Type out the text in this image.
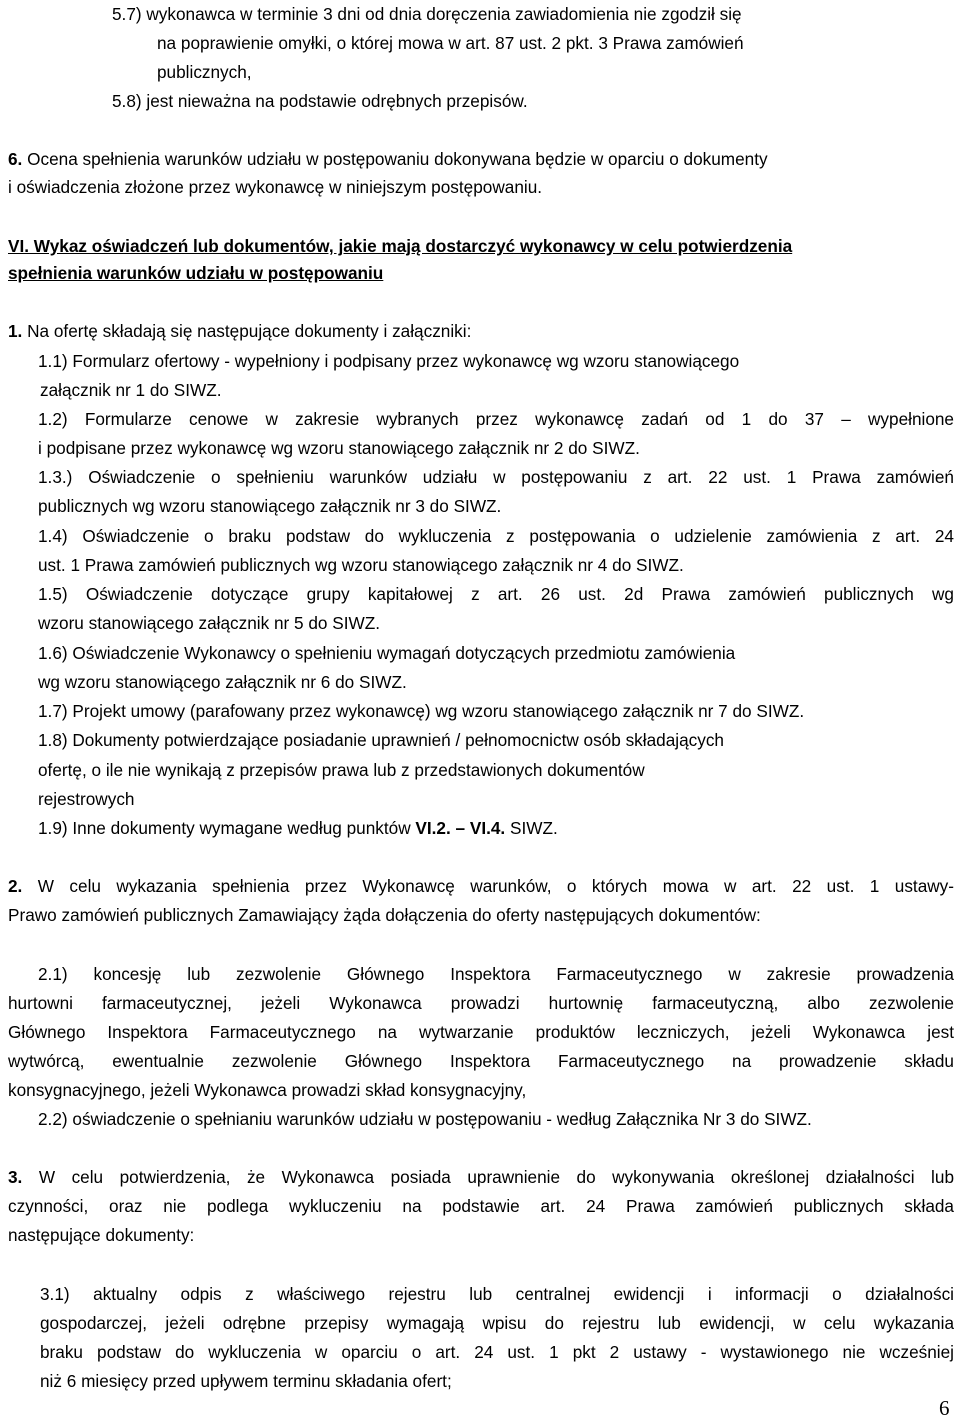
5.7) wykonawca w terminie 3 dni od dnia doręczenia zawiadomienia nie zgodził się
na poprawienie omyłki, o której mowa w art. 87 ust. 2 pkt. 3 Prawa zamówień
publicznych,
5.8) jest nieważna na podstawie odrębnych przepisów.
6. Ocena spełnienia warunków udziału w postępowaniu dokonywana będzie w oparciu o dokumenty
i oświadczenia złożone przez wykonawcę w niniejszym postępowaniu.
VI. Wykaz oświadczeń lub dokumentów, jakie mają dostarczyć wykonawcy w celu potwierdzenia
spełnienia warunków udziału w postępowaniu
1. Na ofertę składają się następujące dokumenty i załączniki:
1.1) Formularz ofertowy - wypełniony i podpisany przez wykonawcę wg wzoru stanowiącego
załącznik nr 1 do SIWZ.
1.2) Formularze cenowe w zakresie wybranych przez wykonawcę zadań od 1 do 37 – wypełnione
i podpisane przez wykonawcę wg wzoru stanowiącego załącznik nr 2 do SIWZ.
1.3.) Oświadczenie o spełnieniu warunków udziału w postępowaniu z art. 22 ust. 1 Prawa zamówień
publicznych wg wzoru stanowiącego załącznik nr 3 do SIWZ.
1.4) Oświadczenie o braku podstaw do wykluczenia z postępowania o udzielenie zamówienia z art. 24
ust. 1 Prawa zamówień publicznych wg wzoru stanowiącego załącznik nr 4 do SIWZ.
1.5) Oświadczenie dotyczące grupy kapitałowej z art. 26 ust. 2d Prawa zamówień publicznych wg
wzoru stanowiącego załącznik nr 5 do SIWZ.
1.6) Oświadczenie Wykonawcy o spełnieniu wymagań dotyczących przedmiotu zamówienia
wg wzoru stanowiącego załącznik nr 6 do SIWZ.
1.7) Projekt umowy (parafowany przez wykonawcę) wg wzoru stanowiącego załącznik nr 7 do SIWZ.
1.8) Dokumenty potwierdzające posiadanie uprawnień / pełnomocnictw osób składających
ofertę, o ile nie wynikają z przepisów prawa lub z przedstawionych dokumentów
rejestrowych
1.9) Inne dokumenty wymagane według punktów VI.2. – VI.4. SIWZ.
2. W celu wykazania spełnienia przez Wykonawcę warunków, o których mowa w art. 22 ust. 1 ustawy-
Prawo zamówień publicznych Zamawiający żąda dołączenia do oferty następujących dokumentów:
2.1) koncesję lub zezwolenie Głównego Inspektora Farmaceutycznego w zakresie prowadzenia
hurtowni farmaceutycznej, jeżeli Wykonawca prowadzi hurtownię farmaceutyczną, albo zezwolenie
Głównego Inspektora Farmaceutycznego na wytwarzanie produktów leczniczych, jeżeli Wykonawca jest
wytwórcą, ewentualnie zezwolenie Głównego Inspektora Farmaceutycznego na prowadzenie składu
konsygnacyjnego, jeżeli Wykonawca prowadzi skład konsygnacyjny,
2.2) oświadczenie o spełnianiu warunków udziału w postępowaniu - według Załącznika Nr 3 do SIWZ.
3. W celu potwierdzenia, że Wykonawca posiada uprawnienie do wykonywania określonej działalności lub
czynności, oraz nie podlega wykluczeniu na podstawie art. 24 Prawa zamówień publicznych składa
następujące dokumenty:
3.1) aktualny odpis z właściwego rejestru lub centralnej ewidencji i informacji o działalności
gospodarczej, jeżeli odrębne przepisy wymagają wpisu do rejestru lub ewidencji, w celu wykazania
braku podstaw do wykluczenia w oparciu o art. 24 ust. 1 pkt 2 ustawy - wystawionego nie wcześniej
niż 6 miesięcy przed upływem terminu składania ofert;
6
